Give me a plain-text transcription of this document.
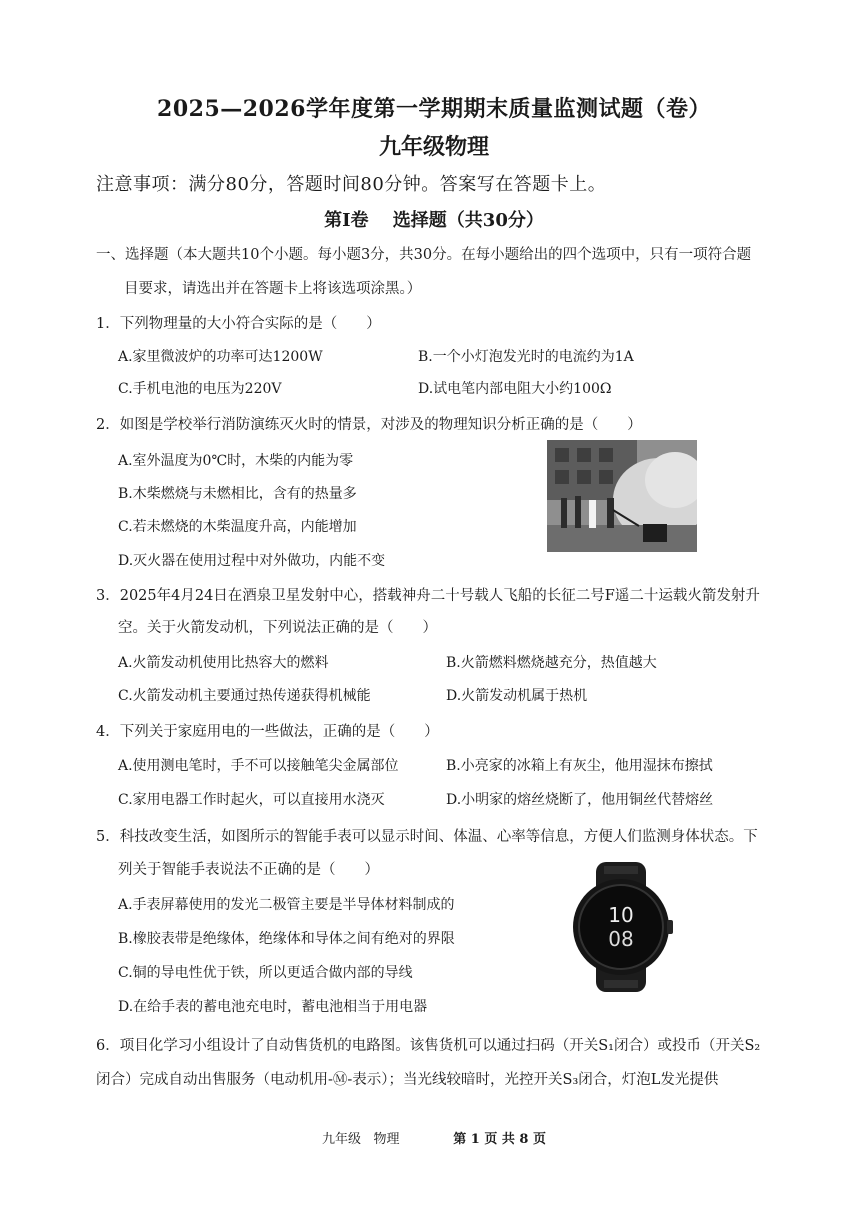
2025—2026学年度第一学期期末质量监测试题（卷）
九年级物理
注意事项：满分80分，答题时间80分钟。答案写在答题卡上。
第Ⅰ卷　 选择题（共30分）
一、选择题（本大题共10个小题。每小题3分，共30分。在每小题给出的四个选项中，只有一项符合题
目要求，请选出并在答题卡上将该选项涂黑。）
1．下列物理量的大小符合实际的是（　　）
A.家里微波炉的功率可达1200W	B.一个小灯泡发光时的电流约为1A
C.手机电池的电压为220V	D.试电笔内部电阻大小约100Ω
2．如图是学校举行消防演练灭火时的情景，对涉及的物理知识分析正确的是（　　）
A.室外温度为0℃时，木柴的内能为零
B.木柴燃烧与未燃相比，含有的热量多
C.若未燃烧的木柴温度升高，内能增加
D.灭火器在使用过程中对外做功，内能不变
3．2025年4月24日在酒泉卫星发射中心，搭载神舟二十号载人飞船的长征二号F遥二十运载火箭发射升
空。关于火箭发动机，下列说法正确的是（　　）
A.火箭发动机使用比热容大的燃料	B.火箭燃料燃烧越充分，热值越大
C.火箭发动机主要通过热传递获得机械能	D.火箭发动机属于热机
4．下列关于家庭用电的一些做法，正确的是（　　）
A.使用测电笔时，手不可以接触笔尖金属部位	B.小亮家的冰箱上有灰尘，他用湿抹布擦拭
C.家用电器工作时起火，可以直接用水浇灭	D.小明家的熔丝烧断了，他用铜丝代替熔丝
5．科技改变生活，如图所示的智能手表可以显示时间、体温、心率等信息，方便人们监测身体状态。下
列关于智能手表说法不正确的是（　　）
A.手表屏幕使用的发光二极管主要是半导体材料制成的
B.橡胶表带是绝缘体，绝缘体和导体之间有绝对的界限
C.铜的导电性优于铁，所以更适合做内部的导线
D.在给手表的蓄电池充电时，蓄电池相当于用电器
10
08
6．项目化学习小组设计了自动售货机的电路图。该售货机可以通过扫码（开关S₁闭合）或投币（开关S₂
闭合）完成自动出售服务（电动机用-Ⓜ-表示）；当光线较暗时，光控开关S₃闭合，灯泡L发光提供
九年级 物理	第 1 页 共 8 页
